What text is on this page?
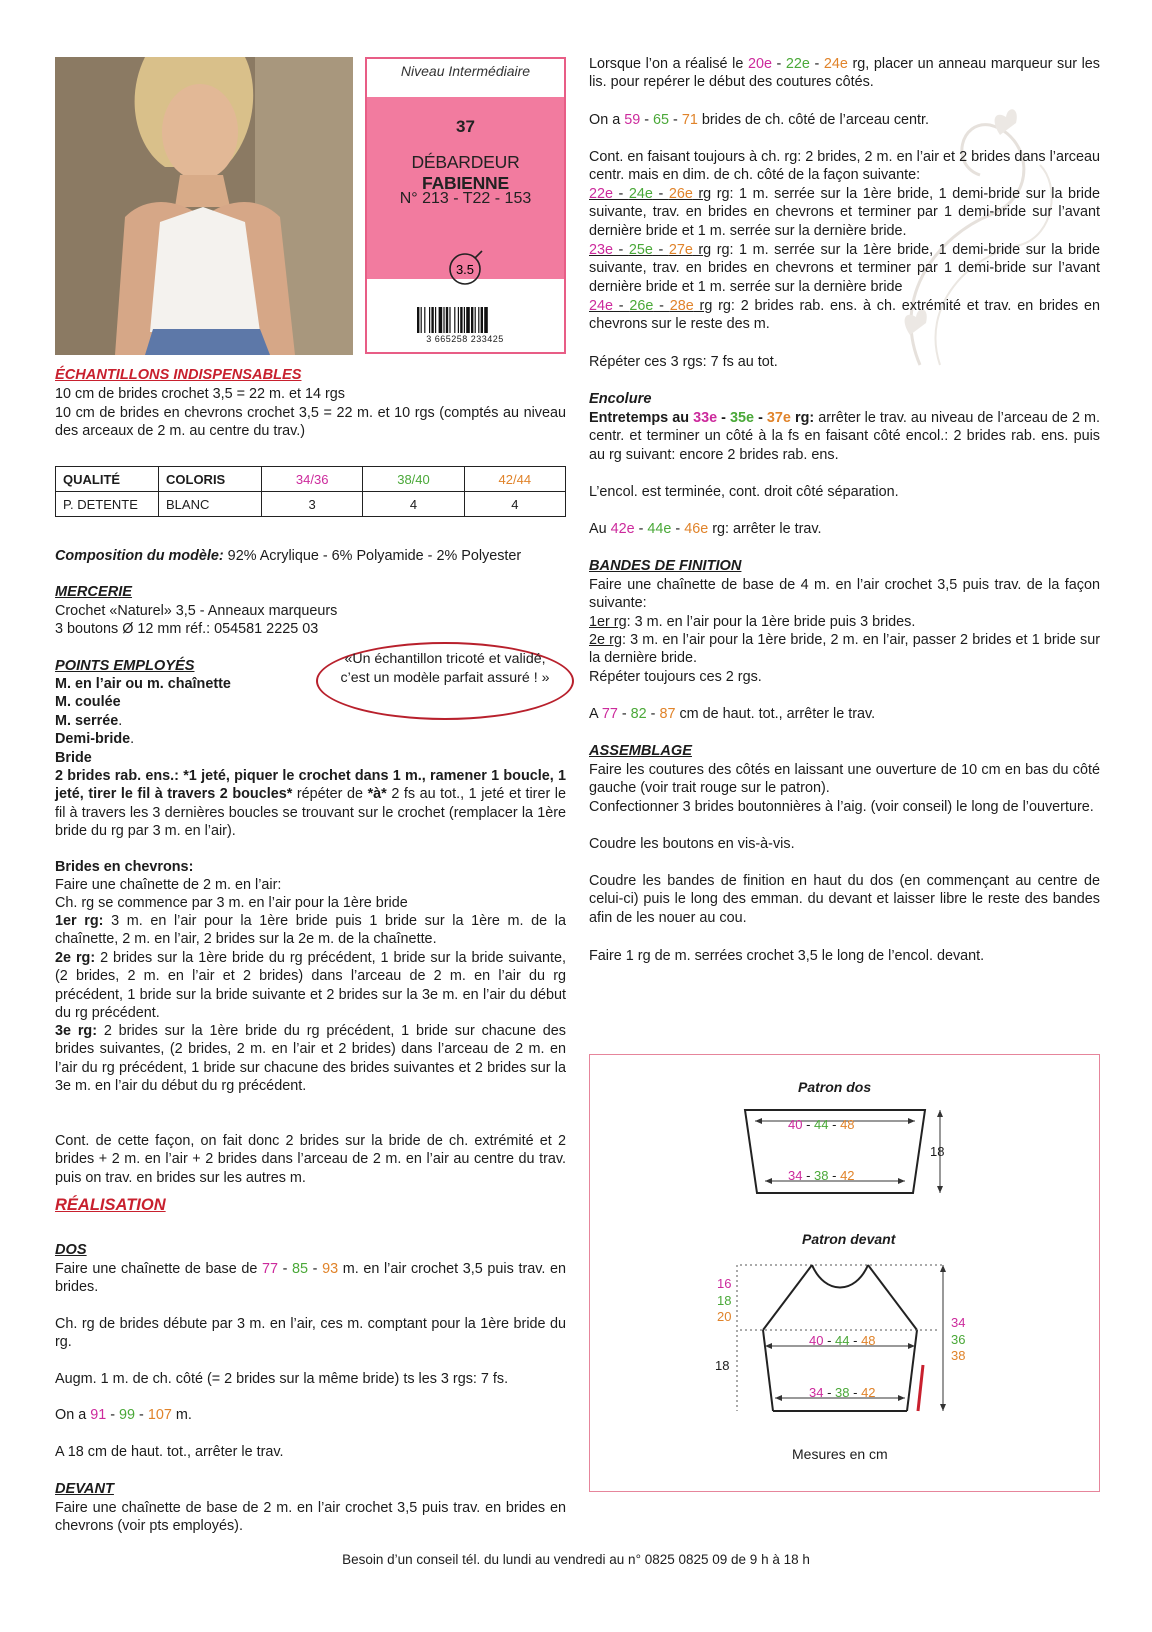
Niveau Intermédiaire
37
DÉBARDEUR FABIENNE
N° 213 - T22 - 153
3.5
3 665258 233425
ÉCHANTILLONS INDISPENSABLES

10 cm de brides crochet 3,5 = 22 m. et 14 rgs

10 cm de brides en chevrons crochet 3,5 = 22 m. et 10 rgs (comptés au niveau des arceaux de 2 m. au centre du trav.)

QUALITÉ	COLORIS	34/36	38/40	42/44
P. DETENTE	BLANC	3	4	4

Composition du modèle: 92% Acrylique - 6% Polyamide - 2% Polyester

MERCERIE

Crochet «Naturel» 3,5 - Anneaux marqueurs

3 boutons Ø 12 mm réf.: 054581 2225 03

POINTS EMPLOYÉS	«Un échantillon tricoté et validé, c’est un modèle parfait assuré ! »

M. en l’air ou m. chaînette
M. coulée
M. serrée.
Demi-bride.
Bride

2 brides rab. ens.: *1 jeté, piquer le crochet dans 1 m., ramener 1 boucle, 1 jeté, tirer le fil à travers 2 boucles* répéter de *à* 2 fs au tot., 1 jeté et tirer le fil à travers les 3 dernières boucles se trouvant sur le crochet (remplacer la 1ère bride du rg par 3 m. en l’air).

Brides en chevrons:

Faire une chaînette de 2 m. en l’air:

Ch. rg se commence par 3 m. en l’air pour la 1ère bride

1er rg: 3 m. en l’air pour la 1ère bride puis 1 bride sur la 1ère m. de la chaînette, 2 m. en l’air, 2 brides sur la 2e m. de la chaînette.

2e rg: 2 brides sur la 1ère bride du rg précédent, 1 bride sur la bride suivante, (2 brides, 2 m. en l’air et 2 brides) dans l’arceau de 2 m. en l’air du rg précédent, 1 bride sur la bride suivante et 2 brides sur la 3e m. en l’air du début du rg précédent.

3e rg: 2 brides sur la 1ère bride du rg précédent, 1 bride sur chacune des brides suivantes, (2 brides, 2 m. en l’air et 2 brides) dans l’arceau de 2 m. en l’air du rg précédent, 1 bride sur chacune des brides suivantes et 2 brides sur la 3e m. en l’air du début du rg précédent.

Cont. de cette façon, on fait donc 2 brides sur la bride de ch. extrémité et 2 brides + 2 m. en l’air + 2 brides dans l’arceau de 2 m. en l’air au centre du trav. puis on trav. en brides sur les autres m.

RÉALISATION
DOS

Faire une chaînette de base de 77 - 85 - 93 m. en l’air crochet 3,5 puis trav. en brides.

Ch. rg de brides débute par 3 m. en l’air, ces m. comptant pour la 1ère bride du rg.

Augm. 1 m. de ch. côté (= 2 brides sur la même bride) ts les 3 rgs: 7 fs.

On a 91 - 99 - 107 m.

A 18 cm de haut. tot., arrêter le trav.

DEVANT

Faire une chaînette de base de 2 m. en l’air crochet 3,5 puis trav. en brides en chevrons (voir pts employés).

Lorsque l’on a réalisé le 20e - 22e - 24e rg, placer un anneau marqueur sur les lis. pour repérer le début des coutures côtés.

On a 59 - 65 - 71 brides de ch. côté de l’arceau centr.

Cont. en faisant toujours à ch. rg: 2 brides, 2 m. en l’air et 2 brides dans l’arceau centr. mais en dim. de ch. côté de la façon suivante:

22e - 24e - 26e rg rg: 1 m. serrée sur la 1ère bride, 1 demi-bride sur la bride suivante, trav. en brides en chevrons et terminer par 1 demi-bride sur l’avant dernière bride et 1 m. serrée sur la dernière bride.

23e - 25e - 27e rg rg: 1 m. serrée sur la 1ère bride, 1 demi-bride sur la bride suivante, trav. en brides en chevrons et terminer par 1 demi-bride sur l’avant dernière bride et 1 m. serrée sur la dernière bride

24e - 26e - 28e rg rg: 2 brides rab. ens. à ch. extrémité et trav. en brides en chevrons sur le reste des m.

Répéter ces 3 rgs: 7 fs au tot.

Encolure

Entretemps au 33e - 35e - 37e rg: arrêter le trav. au niveau de l’arceau de 2 m. centr. et terminer un côté à la fs en faisant côté encol.: 2 brides rab. ens. puis au rg suivant: encore 2 brides rab. ens.

L’encol. est terminée, cont. droit côté séparation.

Au 42e - 44e - 46e rg: arrêter le trav.

BANDES DE FINITION

Faire une chaînette de base de 4 m. en l’air crochet 3,5 puis trav. de la façon suivante:

1er rg: 3 m. en l’air pour la 1ère bride puis 3 brides.

2e rg: 3 m. en l’air pour la 1ère bride, 2 m. en l’air, passer 2 brides et 1 bride sur la dernière bride.

Répéter toujours ces 2 rgs.

A 77 - 82 - 87 cm de haut. tot., arrêter le trav.

ASSEMBLAGE

Faire les coutures des côtés en laissant une ouverture de 10 cm en bas du côté gauche (voir trait rouge sur le patron).

Confectionner 3 brides boutonnières à l’aig. (voir conseil) le long de l’ouverture.

Coudre les boutons en vis-à-vis.

Coudre les bandes de finition en haut du dos (en commençant au centre de celui-ci) puis le long des emman. du devant et laisser libre le reste des bandes afin de les nouer au cou.

Faire 1 rg de m. serrées crochet 3,5 le long de l’encol. devant.

Patron dos
40 - 44 - 48
34 - 38 - 42
18
Patron devant
16
18
20
18
34
36
38
40 - 44 - 48
34 - 38 - 42
Mesures en cm
Besoin d’un conseil tél. du lundi au vendredi au n° 0825 0825 09 de 9 h à 18 h
